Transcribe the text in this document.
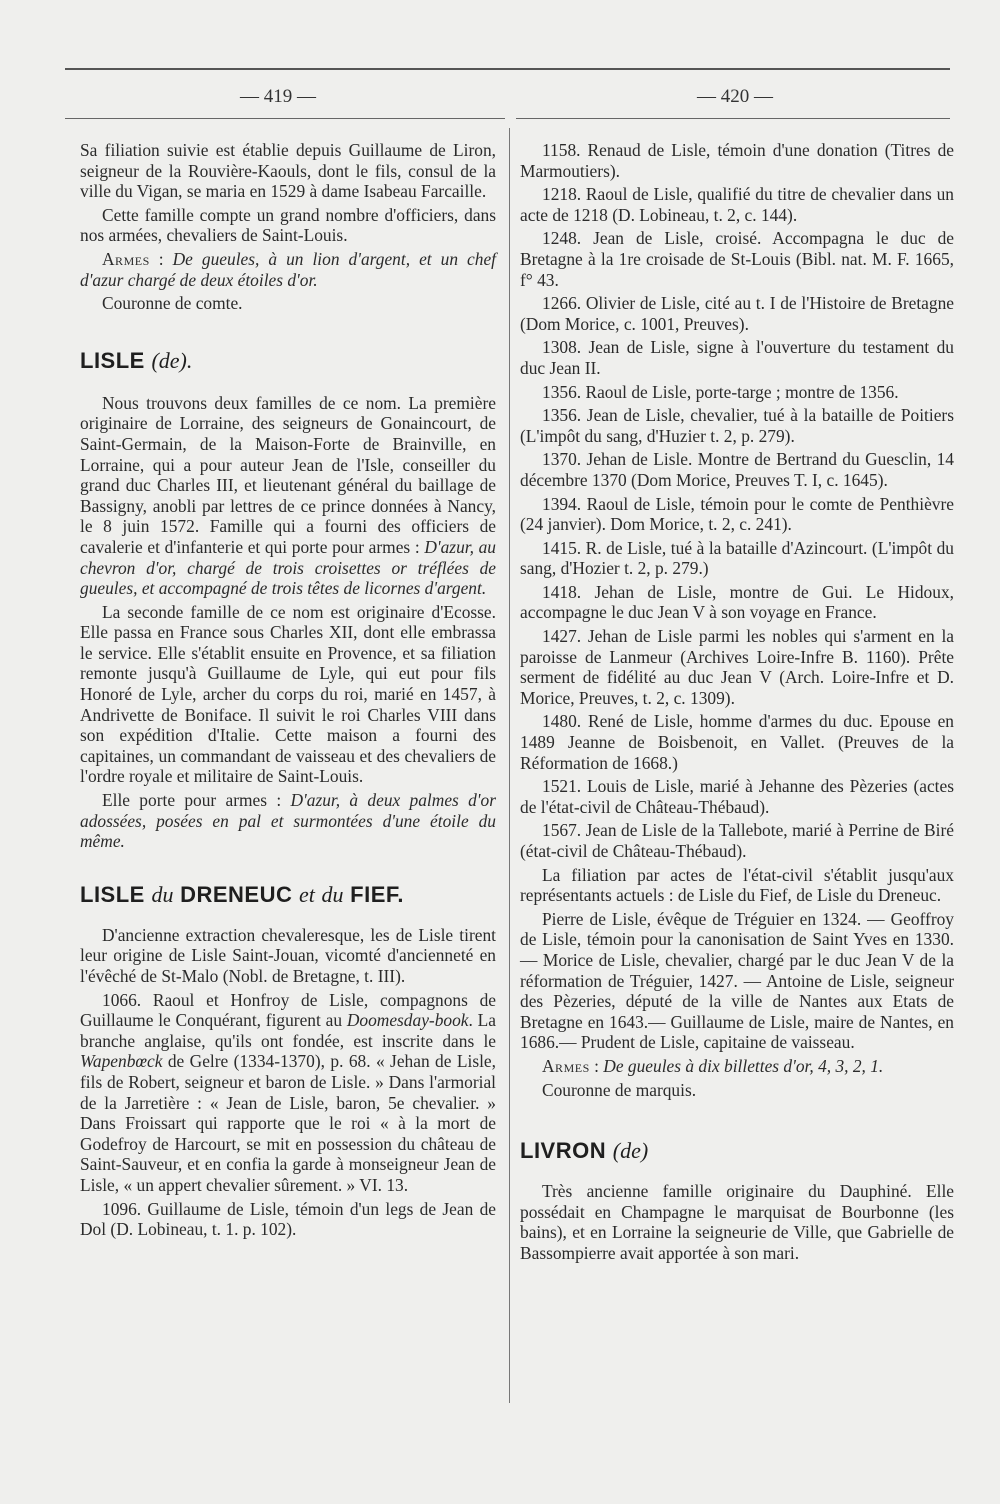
— 419 —	— 420 —

Sa filiation suivie est établie depuis Guillaume de Liron, seigneur de la Rouvière-Kaouls, dont le fils, consul de la ville du Vigan, se maria en 1529 à dame Isabeau Farcaille.

Cette famille compte un grand nombre d'officiers, dans nos armées, chevaliers de Saint-Louis.

Armes : De gueules, à un lion d'argent, et un chef d'azur chargé de deux étoiles d'or.

Couronne de comte.

LISLE (de).

Nous trouvons deux familles de ce nom. La première originaire de Lorraine, des seigneurs de Gonaincourt, de Saint-Germain, de la Maison-Forte de Brainville, en Lorraine, qui a pour auteur Jean de l'Isle, conseiller du grand duc Charles III, et lieutenant général du baillage de Bassigny, anobli par lettres de ce prince données à Nancy, le 8 juin 1572. Famille qui a fourni des officiers de cavalerie et d'infanterie et qui porte pour armes : D'azur, au chevron d'or, chargé de trois croisettes or tréflées de gueules, et accompagné de trois têtes de licornes d'argent.

La seconde famille de ce nom est originaire d'Ecosse. Elle passa en France sous Charles XII, dont elle embrassa le service. Elle s'établit ensuite en Provence, et sa filiation remonte jusqu'à Guillaume de Lyle, qui eut pour fils Honoré de Lyle, archer du corps du roi, marié en 1457, à Andrivette de Boniface. Il suivit le roi Charles VIII dans son expédition d'Italie. Cette maison a fourni des capitaines, un commandant de vaisseau et des chevaliers de l'ordre royale et militaire de Saint-Louis.

Elle porte pour armes : D'azur, à deux palmes d'or adossées, posées en pal et surmontées d'une étoile du même.

LISLE du DRENEUC et du FIEF.

D'ancienne extraction chevaleresque, les de Lisle tirent leur origine de Lisle Saint-Jouan, vicomté d'ancienneté en l'évêché de St-Malo (Nobl. de Bretagne, t. III).

1066. Raoul et Honfroy de Lisle, compagnons de Guillaume le Conquérant, figurent au Doomesday-book. La branche anglaise, qu'ils ont fondée, est inscrite dans le Wapenbœck de Gelre (1334-1370), p. 68. « Jehan de Lisle, fils de Robert, seigneur et baron de Lisle. » Dans l'armorial de la Jarretière : « Jean de Lisle, baron, 5e chevalier. » Dans Froissart qui rapporte que le roi « à la mort de Godefroy de Harcourt, se mit en possession du château de Saint-Sauveur, et en confia la garde à monseigneur Jean de Lisle, « un appert chevalier sûrement. » VI. 13.

1096. Guillaume de Lisle, témoin d'un legs de Jean de Dol (D. Lobineau, t. 1. p. 102).

1158. Renaud de Lisle, témoin d'une donation (Titres de Marmoutiers).

1218. Raoul de Lisle, qualifié du titre de chevalier dans un acte de 1218 (D. Lobineau, t. 2, c. 144).

1248. Jean de Lisle, croisé. Accompagna le duc de Bretagne à la 1re croisade de St-Louis (Bibl. nat. M. F. 1665, f° 43.

1266. Olivier de Lisle, cité au t. I de l'Histoire de Bretagne (Dom Morice, c. 1001, Preuves).

1308. Jean de Lisle, signe à l'ouverture du testament du duc Jean II.

1356. Raoul de Lisle, porte-targe ; montre de 1356.

1356. Jean de Lisle, chevalier, tué à la bataille de Poitiers (L'impôt du sang, d'Huzier t. 2, p. 279).

1370. Jehan de Lisle. Montre de Bertrand du Guesclin, 14 décembre 1370 (Dom Morice, Preuves T. I, c. 1645).

1394. Raoul de Lisle, témoin pour le comte de Penthièvre (24 janvier). Dom Morice, t. 2, c. 241).

1415. R. de Lisle, tué à la bataille d'Azincourt. (L'impôt du sang, d'Hozier t. 2, p. 279.)

1418. Jehan de Lisle, montre de Gui. Le Hidoux, accompagne le duc Jean V à son voyage en France.

1427. Jehan de Lisle parmi les nobles qui s'arment en la paroisse de Lanmeur (Archives Loire-Infre B. 1160). Prête serment de fidélité au duc Jean V (Arch. Loire-Infre et D. Morice, Preuves, t. 2, c. 1309).

1480. René de Lisle, homme d'armes du duc. Epouse en 1489 Jeanne de Boisbenoit, en Vallet. (Preuves de la Réformation de 1668.)

1521. Louis de Lisle, marié à Jehanne des Pèzeries (actes de l'état-civil de Château-Thébaud).

1567. Jean de Lisle de la Tallebote, marié à Perrine de Biré (état-civil de Château-Thébaud).

La filiation par actes de l'état-civil s'établit jusqu'aux représentants actuels : de Lisle du Fief, de Lisle du Dreneuc.

Pierre de Lisle, évêque de Tréguier en 1324. — Geoffroy de Lisle, témoin pour la canonisation de Saint Yves en 1330. — Morice de Lisle, chevalier, chargé par le duc Jean V de la réformation de Tréguier, 1427. — Antoine de Lisle, seigneur des Pèzeries, député de la ville de Nantes aux Etats de Bretagne en 1643.— Guillaume de Lisle, maire de Nantes, en 1686.— Prudent de Lisle, capitaine de vaisseau.

Armes : De gueules à dix billettes d'or, 4, 3, 2, 1.

Couronne de marquis.

LIVRON (de)

Très ancienne famille originaire du Dauphiné. Elle possédait en Champagne le marquisat de Bourbonne (les bains), et en Lorraine la seigneurie de Ville, que Gabrielle de Bassompierre avait apportée à son mari.
